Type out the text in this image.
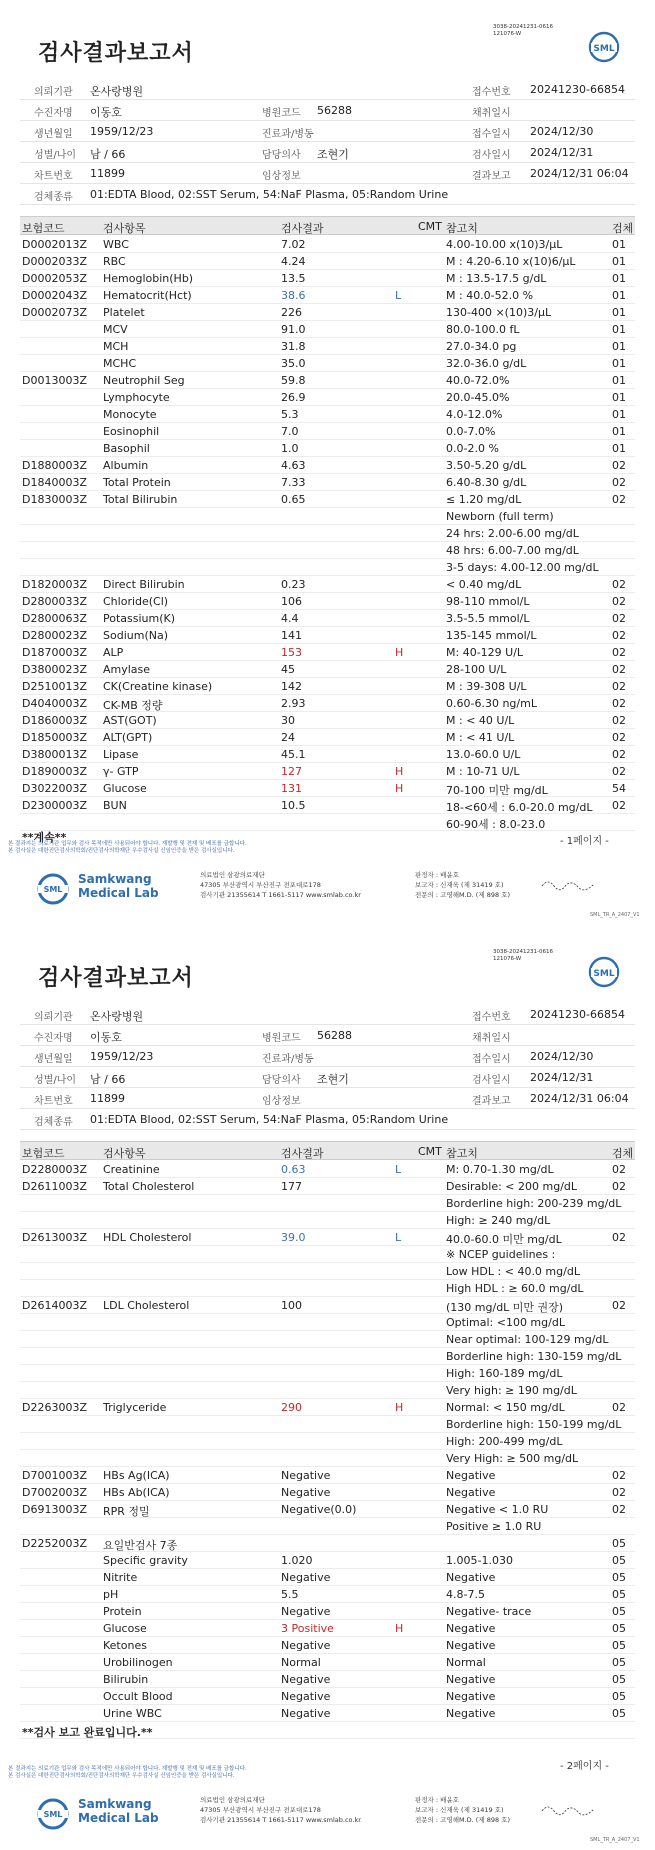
검사결과보고서
3038-20241231-0616
121076-W
SML
의뢰기관 온사랑병원	접수번호 20241230-66854
수진자명 이동호	병원코드 56288	채취일시
생년월일 1959/12/23	진료과/병동	접수일시 2024/12/30
성별/나이 남 / 66	담당의사 조현기	검사일시 2024/12/31
차트번호 11899	임상정보	결과보고 2024/12/31 06:04
검체종류 01:EDTA Blood, 02:SST Serum, 54:NaF Plasma, 05:Random Urine
보험코드	검사항목	검사결과	CMT 참고치	검체
D0002013Z WBC	7.02	4.00-10.00 x(10)3/μL	01
D0002033Z RBC	4.24	M : 4.20-6.10 x(10)6/μL	01
D0002053Z Hemoglobin(Hb)	13.5	M : 13.5-17.5 g/dL	01
D0002043Z Hematocrit(Hct)	38.6	L	M : 40.0-52.0 %	01
D0002073Z Platelet	226	130-400 ×(10)3/μL	01
MCV	91.0	80.0-100.0 fL	01
MCH	31.8	27.0-34.0 pg	01
MCHC	35.0	32.0-36.0 g/dL	01
D0013003Z Neutrophil Seg	59.8	40.0-72.0%	01
Lymphocyte	26.9	20.0-45.0%	01
Monocyte	5.3	4.0-12.0%	01
Eosinophil	7.0	0.0-7.0%	01
Basophil	1.0	0.0-2.0 %	01
D1880003Z Albumin	4.63	3.50-5.20 g/dL	02
D1840003Z Total Protein	7.33	6.40-8.30 g/dL	02
D1830003Z Total Bilirubin	0.65	≤ 1.20 mg/dL	02
Newborn (full term)
24 hrs: 2.00-6.00 mg/dL
48 hrs: 6.00-7.00 mg/dL
3-5 days: 4.00-12.00 mg/dL
D1820003Z Direct Bilirubin	0.23	< 0.40 mg/dL	02
D2800033Z Chloride(Cl)	106	98-110 mmol/L	02
D2800063Z Potassium(K)	4.4	3.5-5.5 mmol/L	02
D2800023Z Sodium(Na)	141	135-145 mmol/L	02
D1870003Z ALP	153	H	M: 40-129 U/L	02
D3800023Z Amylase	45	28-100 U/L	02
D2510013Z CK(Creatine kinase)	142	M : 39-308 U/L	02
D4040003Z CK-MB 정량	2.93	0.60-6.30 ng/mL	02
D1860003Z AST(GOT)	30	M : < 40 U/L	02
D1850003Z ALT(GPT)	24	M : < 41 U/L	02
D3800013Z Lipase	45.1	13.0-60.0 U/L	02
D1890003Z γ- GTP	127	H	M : 10-71 U/L	02
D3022003Z Glucose	131	H	70-100 미만 mg/dL	54
D2300003Z BUN	10.5	18-<60세 : 6.0-20.0 mg/dL 02
60-90세 : 8.0-23.0
**계속**	- 1페이지 -
본 결과지는 의료기관 업무와 검사 목적에만 사용되어야 합니다. 재발행 및 전재 및 배포를 금합니다.
본 검사실은 대한진단검사의학회/진단검사의학재단 우수검사실 신임인증을 받은 검사실입니다.
SML
Samkwang
Medical Lab
의료법인 삼광의료재단
47305 부산광역시 부산진구 전포대로178
검사기관 21355614 T 1661-5117 www.smlab.co.kr
판정자 : 배윤호
보고자 : 신재욱 (제 31419 호)
전문의 : 고영해M.D. (제 898 호)
SML_TR_A_2407_V1
검사결과보고서
3038-20241231-0616
121076-W
SML
의뢰기관 온사랑병원	접수번호 20241230-66854
수진자명 이동호	병원코드 56288	채취일시
생년월일 1959/12/23	진료과/병동	접수일시 2024/12/30
성별/나이 남 / 66	담당의사 조현기	검사일시 2024/12/31
차트번호 11899	임상정보	결과보고 2024/12/31 06:04
검체종류 01:EDTA Blood, 02:SST Serum, 54:NaF Plasma, 05:Random Urine
보험코드	검사항목	검사결과	CMT 참고치	검체
D2280003Z Creatinine	0.63	L	M: 0.70-1.30 mg/dL	02
D2611003Z Total Cholesterol	177	Desirable: < 200 mg/dL	02
Borderline high: 200-239 mg/dL
High: ≥ 240 mg/dL
D2613003Z HDL Cholesterol	39.0	L	40.0-60.0 미만 mg/dL	02
※ NCEP guidelines :
Low HDL : < 40.0 mg/dL
High HDL : ≥ 60.0 mg/dL
D2614003Z LDL Cholesterol	100	(130 mg/dL 미만 권장)	02
Optimal: <100 mg/dL
Near optimal: 100-129 mg/dL
Borderline high: 130-159 mg/dL
High: 160-189 mg/dL
Very high: ≥ 190 mg/dL
D2263003Z Triglyceride	290	H	Normal: < 150 mg/dL	02
Borderline high: 150-199 mg/dL
High: 200-499 mg/dL
Very High: ≥ 500 mg/dL
D7001003Z HBs Ag(ICA)	Negative	Negative	02
D7002003Z HBs Ab(ICA)	Negative	Negative	02
D6913003Z RPR 정밀	Negative(0.0)	Negative < 1.0 RU	02
Positive ≥ 1.0 RU
D2252003Z 요일반검사 7종	05
Specific gravity	1.020	1.005-1.030	05
Nitrite	Negative	Negative	05
pH	5.5	4.8-7.5	05
Protein	Negative	Negative- trace	05
Glucose	3 Positive	H	Negative	05
Ketones	Negative	Negative	05
Urobilinogen	Normal	Normal	05
Bilirubin	Negative	Negative	05
Occult Blood	Negative	Negative	05
Urine WBC	Negative	Negative	05
**검사 보고 완료입니다.**
- 2페이지 -
본 결과지는 의료기관 업무와 검사 목적에만 사용되어야 합니다. 재발행 및 전재 및 배포를 금합니다.
본 검사실은 대한진단검사의학회/진단검사의학재단 우수검사실 신임인증을 받은 검사실입니다.
SML
Samkwang
Medical Lab
의료법인 삼광의료재단
47305 부산광역시 부산진구 전포대로178
검사기관 21355614 T 1661-5117 www.smlab.co.kr
판정자 : 배윤호
보고자 : 신재욱 (제 31419 호)
전문의 : 고영해M.D. (제 898 호)
SML_TR_A_2407_V1
